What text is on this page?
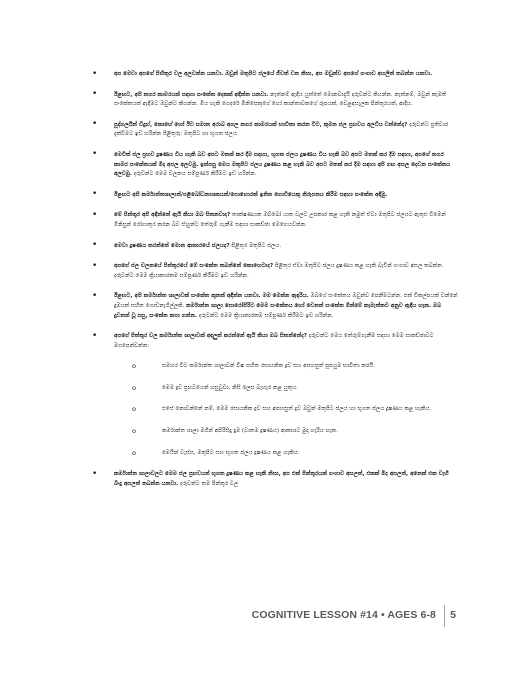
• අප මෙවා අපගේ පිහිතුර වල අලවන්න යනවා. ඔවුන් මතුපිට ජලයේ ජීවත් වන නිසා, අප ඔවුන්ව අපගේ ගංගාව අහලින් තබන්න යනවා.
• ඊළඟට, අපි නගර කාමරයක් සඳහා සංකේත දෙකක් අඳින්න යනවා. නැත්නම් ඇඳිය යුත්තේ මොනවාදැයි දරුවන්ට කියන්න. නැත්නම්, ඔවුන් කැමති සංකේතයක් ඇඳීමට ඔවුන්ට කියන්න. මිය හැකි ගෙදරේ මිනිසෙකුගේ හෝ කාන්තාවකගේ රූපයක්, වෙළඳසැලක පින්තූරයක්, ආදිය.
• පුද්ගලයින් විදුහ්, කොහේ හෝ ඊට සමාන අරාබ අගල නගර කාමරයක් භාවිතා කරන විට, කුමන ජල ප්‍රභවය අලවිය වන්නේද? දරුවන්ට ප්‍රතිචාර දැක්වීමට ඉඩ හරින්න පිළිතුරු: මතුපිට හා භූගත ජලය
• මෙවිත් ජල ප්‍රභව දූෂණය විය හැකි බව අපට මතක් කර දීම සඳහා, භූගත ජලය දූෂණය විය හැකි බව අපට මතක් කර දීම සඳහා, අපගේ නගර කාමර සංකේතයක් මිද අපල අලවමු. ඉන්පසු මෙය මතුපිට ජලය දූෂණය කළ හැකි බව අපට මතක් කර දීම සඳහා අපි ගඟ අසල දෙවන සංකේතය අලවමු. දරුවන්ට මෙම චලනය සම්පූර්ණ කිරීමට ඉඩ හරින්න.
• ඊළඟට අපි කර්මාන්තශාලාන්/පළිබෝධනාශකයන්/පොහොරක් ඉනින ගොවියෙකු නිරූපනය කිරීම සඳහා සංකේත අඳිමු.
• මේ පින්තූර අපි අඳින්නේ ඇයි කියා ඔබ සිතනවාද? තාක්ෂණයක ඔබ්බෝ යාත වලට උපකාර කළ හැකි නමුත් ඒවා මතුපිට ජලයට ඇතුළු වීමෙන් මිනිසුන් රෝගාතුර කරන බව ඒහුන්ට තේරුම් ගැනීම සඳහා සාකච්ඡා මෙහෙයවන්න.
• මෙවා දූෂණය කරන්නේ මොන ආකාරයේ ජලයද? පිළිතුර මතුපිට ජලය.
• අපගේ ජල චලනයේ පින්තූරයේ මේ සංකේත තබන්නේ කොහෙටාද? පිළිතුර ඒවා මතුපිට ජලය දූෂණය කළ හැකි බැවින් ගංගාව අසල තබන්න. දරුවන්ට මෙම ක්‍රියාකාරකම සම්පූර්ණ කිරීමට ඉඩ හරින්න.
• ඊළඟට, අපි කර්මාන්ත ශාලාවක් සංකේත කුනක් අඳින්න යනවා. මම මෙන්න ඇඳරිය. ඔබගේ සංකේතය ඔවුන්ව පෙනීමටන්න. එක් විකල්පයක් වන්නේ දුමයක් සහිත ගොඩනැගිල්ලකි. කර්මාන්ත ශාලා පොරෝපිරිට මෙම සංකේතය හෝ වෙනත් සංකේත මින්මේ කැමැත්තට අනුව ඇඳිය හැක. ඔබ දුවනන් වූ පසු, සංකේත කපා ගන්න. දරුවන්ට මෙම ක්‍රියාකාරකම සම්පූර්ණ කිරීමට ඉඩ හරින්න.
• අපගේ පිත්තූර වල කර්මාන්ත ශාලාවක් අඳලුත් කරන්නේ ඇයි කියා ඔබ සිතන්නේද? දරුවන්ට මෙය තේරුම්ගැනීම සඳහා මෙම සාකච්ඡාවට මගපෙන්වන්න:
o සමහර විට කර්මාන්ත ශාලාවන් විෂ සහිත රසායනික ද්‍රව සහ අපහසුත් සූපයුම භාවිතා කරයි.
o මෙම ද්‍රව ප්‍රභවයෙන් හසුවුවා, නිසි ලෙස බැහැර කළ යුතුය.
o එසේ නොවන්නේ නම්, මෙම රසායනික ද්‍රව සහ අපහසුත් ද්‍රව ඔවුන් මතුපිට ජලය හා භූගත ජලය දූෂණය කළ හැකිය.
o කර්මාන්ත ශාලා මගින් අපිරිසිදු දුම (වාතම දූෂණය) ආකාශට මුදා හැරිය හැක.
o මෙයින් වැස්ස, මතුපිට සහ භූගත ජලය දූෂණය කළ හැකිය.
• කර්මාන්ත ශාලාවලට මෙම ජල ප්‍රභවයන් භූගත දූෂණය කළ හැකි නිසා, අප එක් පින්තූරයක් ගංගාව අසලත්, එකක් මිද අසලත්, අනෙක් එක වැහි බිංදු අසලත් තබන්න යනවා. දරුවන්ට තම පින්තූර වල
COGNITIVE LESSON #14 • AGES 6-8 5
